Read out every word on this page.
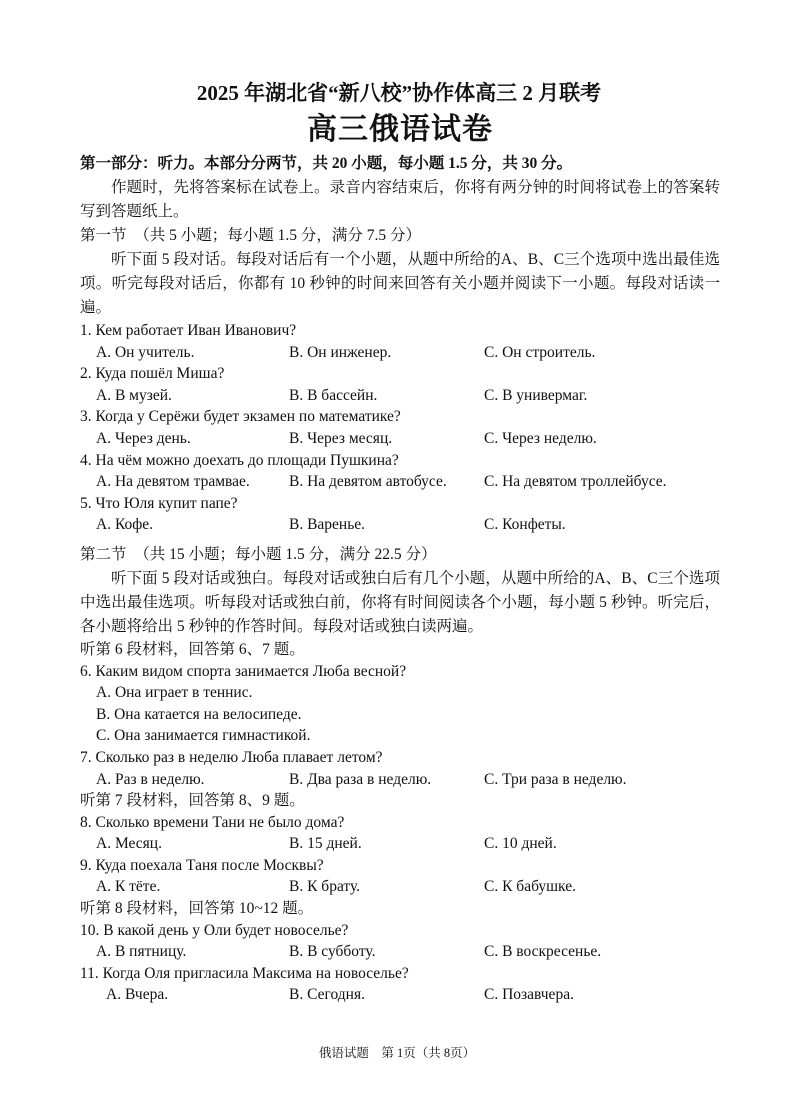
2025 年湖北省“新八校”协作体高三 2 月联考
高三俄语试卷
第一部分：听力。本部分分两节，共 20 小题，每小题 1.5 分，共 30 分。
作题时，先将答案标在试卷上。录音内容结束后，你将有两分钟的时间将试卷上的答案转写到答题纸上。
第一节　（共 5 小题；每小题 1.5 分，满分 7.5 分）
听下面 5 段对话。每段对话后有一个小题，从题中所给的A、B、C三个选项中选出最佳选项。听完每段对话后，你都有 10 秒钟的时间来回答有关小题并阅读下一小题。每段对话读一遍。
1. Кем работает Иван Иванович?
A. Он учитель.	B. Он инженер.	C. Он строитель.
2. Куда пошёл Миша?
A. В музей.	B. В бассейн.	C. В универмаг.
3. Когда у Серёжи будет экзамен по математике?
A. Через день.	B. Через месяц.	C. Через неделю.
4. На чём можно доехать до площади Пушкина?
A. На девятом трамвае.	B. На девятом автобусе.	C. На девятом троллейбусе.
5. Что Юля купит папе?
A. Кофе.	B. Варенье.	C. Конфеты.
第二节　（共 15 小题；每小题 1.5 分，满分 22.5 分）
听下面 5 段对话或独白。每段对话或独白后有几个小题，从题中所给的A、B、C三个选项中选出最佳选项。听每段对话或独白前，你将有时间阅读各个小题，每小题 5 秒钟。听完后，各小题将给出 5 秒钟的作答时间。每段对话或独白读两遍。
听第 6 段材料，回答第 6、7 题。
6. Каким видом спорта занимается Люба весной?
A. Она играет в теннис.
B. Она катается на велосипеде.
C. Она занимается гимнастикой.
7. Сколько раз в неделю Люба плавает летом?
A. Раз в неделю.	B. Два раза в неделю.	C. Три раза в неделю.
听第 7 段材料，回答第 8、9 题。
8. Сколько времени Тани не было дома?
A. Месяц.	B. 15 дней.	C. 10 дней.
9. Куда поехала Таня после Москвы?
A. К тёте.	B. К брату.	C. К бабушке.
听第 8 段材料，回答第 10~12 题。
10. В какой день у Оли будет новоселье?
A. В пятницу.	B. В субботу.	C. В воскресенье.
11. Когда Оля пригласила Максима на новоселье?
A. Вчера.	B. Сегодня.	C. Позавчера.
俄语试题　第 1页（共 8页）
